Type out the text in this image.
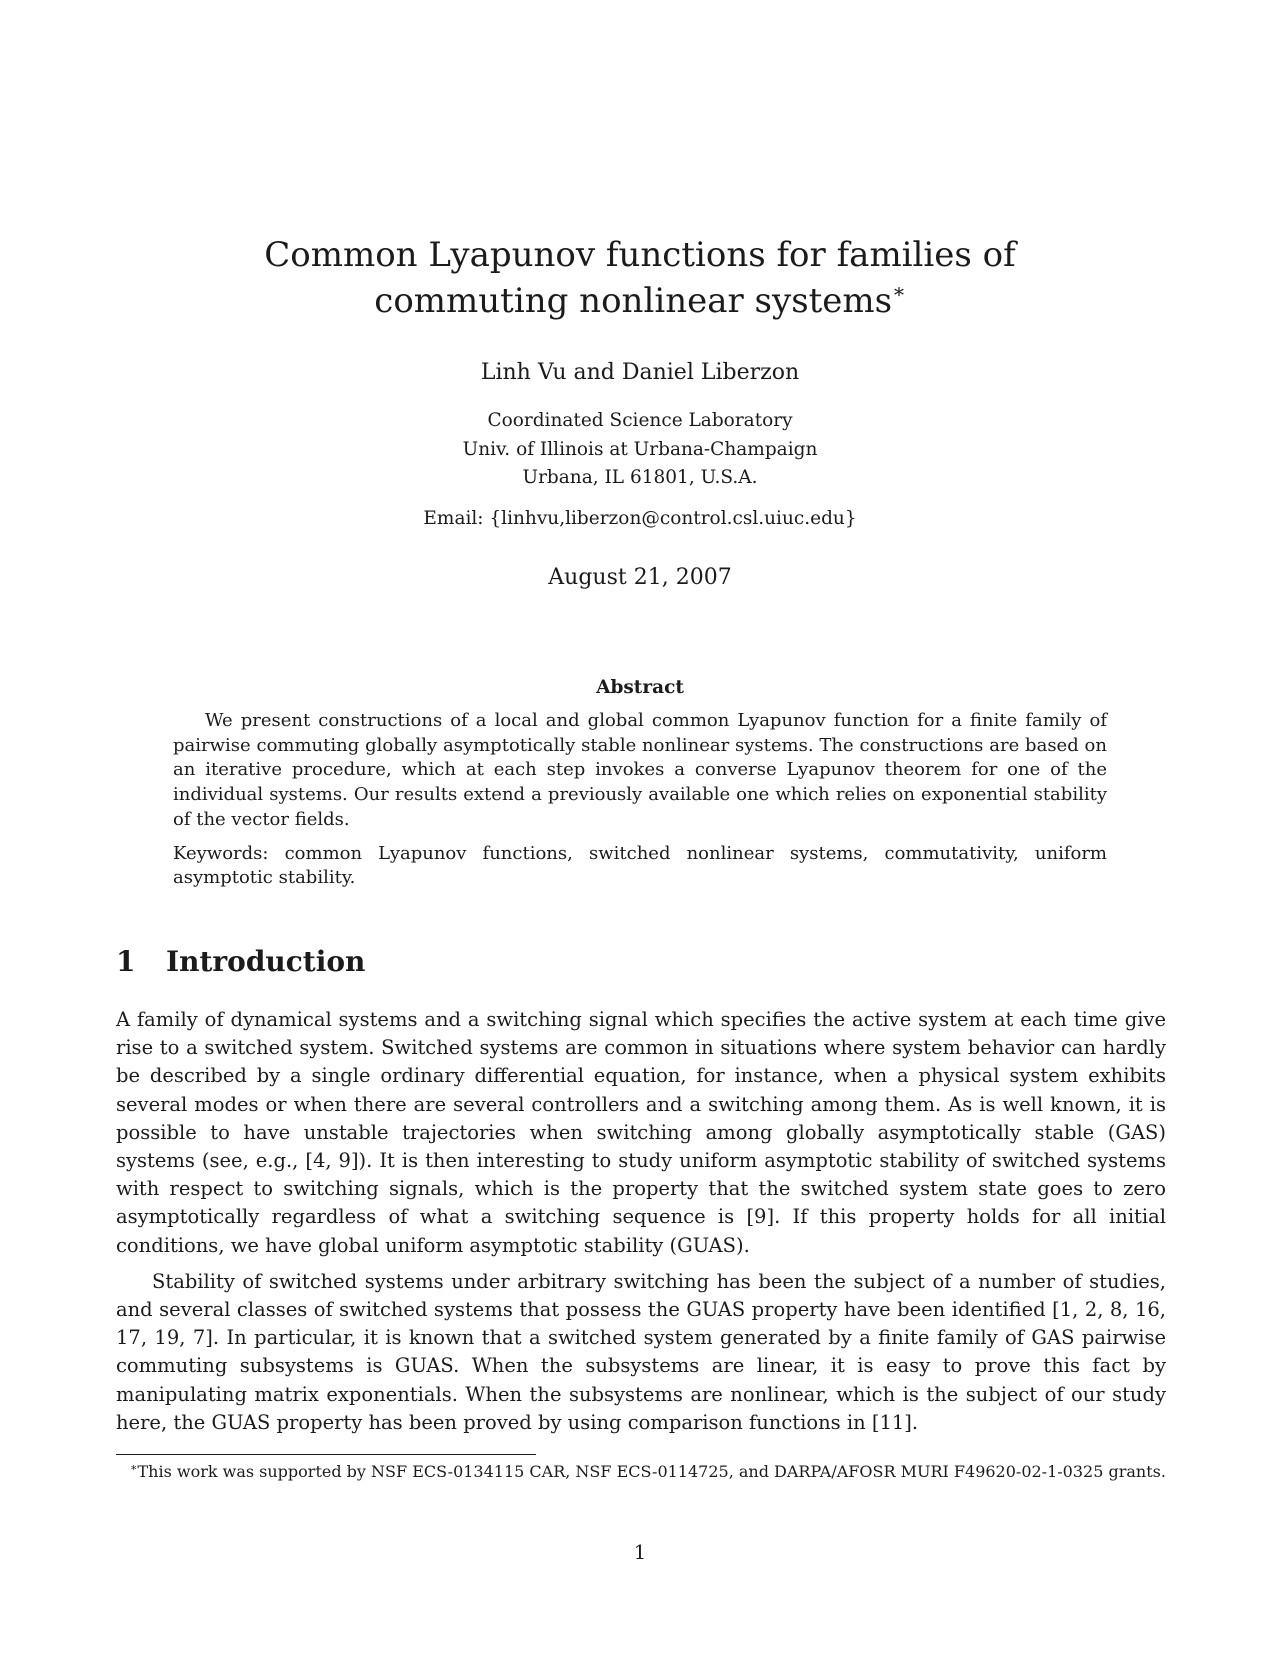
Common Lyapunov functions for families of
commuting nonlinear systems∗
Linh Vu and Daniel Liberzon
Coordinated Science Laboratory
Univ. of Illinois at Urbana-Champaign
Urbana, IL 61801, U.S.A.
Email: {linhvu,liberzon@control.csl.uiuc.edu}
August 21, 2007
Abstract

We present constructions of a local and global common Lyapunov function for a finite family of pairwise commuting globally asymptotically stable nonlinear systems. The constructions are based on an iterative procedure, which at each step invokes a converse Lyapunov theorem for one of the individual systems. Our results extend a previously available one which relies on exponential stability of the vector fields.

Keywords: common Lyapunov functions, switched nonlinear systems, commutativity, uniform asymptotic stability.

1 Introduction

A family of dynamical systems and a switching signal which specifies the active system at each time give rise to a switched system. Switched systems are common in situations where system behavior can hardly be described by a single ordinary differential equation, for instance, when a physical system exhibits several modes or when there are several controllers and a switching among them. As is well known, it is possible to have unstable trajectories when switching among globally asymptotically stable (GAS) systems (see, e.g., [4, 9]). It is then interesting to study uniform asymptotic stability of switched systems with respect to switching signals, which is the property that the switched system state goes to zero asymptotically regardless of what a switching sequence is [9]. If this property holds for all initial conditions, we have global uniform asymptotic stability (GUAS).

Stability of switched systems under arbitrary switching has been the subject of a number of studies, and several classes of switched systems that possess the GUAS property have been identified [1, 2, 8, 16, 17, 19, 7]. In particular, it is known that a switched system generated by a finite family of GAS pairwise commuting subsystems is GUAS. When the subsystems are linear, it is easy to prove this fact by manipulating matrix exponentials. When the subsystems are nonlinear, which is the subject of our study here, the GUAS property has been proved by using comparison functions in [11].

∗This work was supported by NSF ECS-0134115 CAR, NSF ECS-0114725, and DARPA/AFOSR MURI F49620-02-1-0325 grants.

1
